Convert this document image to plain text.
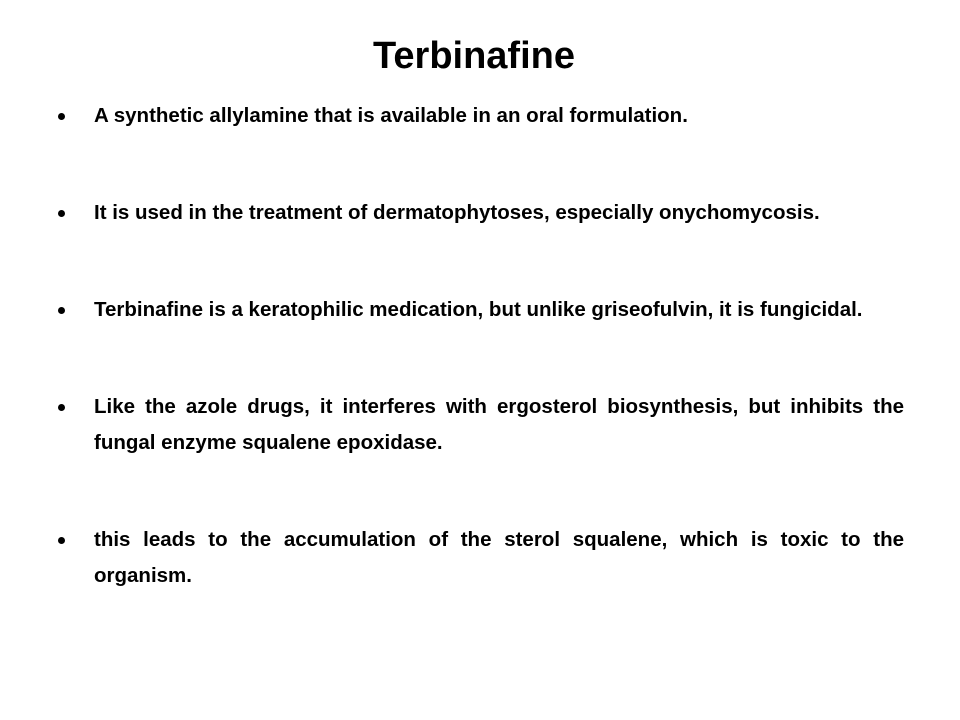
Terbinafine
A synthetic allylamine that is available in an oral formulation.
It is used in the treatment of dermatophytoses, especially onychomycosis.
Terbinafine is a keratophilic medication, but unlike griseofulvin, it is fungicidal.
Like the azole drugs, it interferes with ergosterol biosynthesis, but inhibits the fungal enzyme squalene epoxidase.
this leads to the accumulation of the sterol squalene, which is toxic to the organism.
